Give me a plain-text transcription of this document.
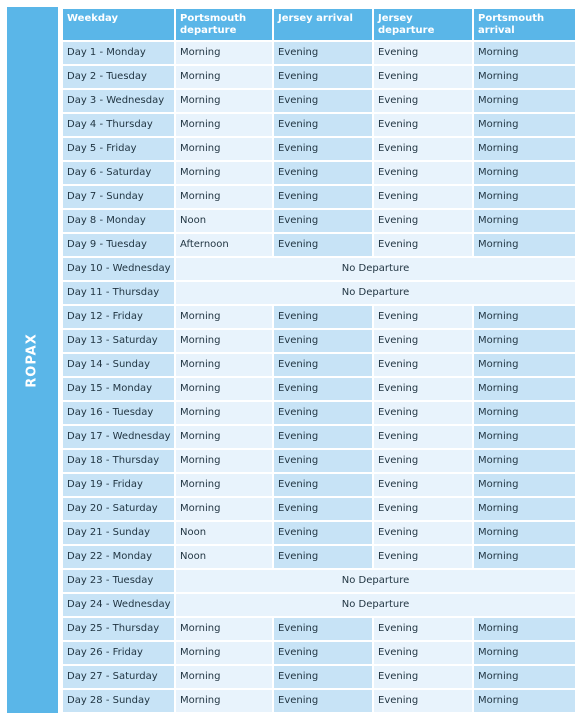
ROPAX
Weekday	Portsmouth departure	Jersey arrival	Jersey departure	Portsmouth arrival
Day 1 - Monday	Morning	Evening	Evening	Morning
Day 2 - Tuesday	Morning	Evening	Evening	Morning
Day 3 - Wednesday	Morning	Evening	Evening	Morning
Day 4 - Thursday	Morning	Evening	Evening	Morning
Day 5 - Friday	Morning	Evening	Evening	Morning
Day 6 - Saturday	Morning	Evening	Evening	Morning
Day 7 - Sunday	Morning	Evening	Evening	Morning
Day 8 - Monday	Noon	Evening	Evening	Morning
Day 9 - Tuesday	Afternoon	Evening	Evening	Morning
Day 10 - Wednesday	No Departure			
Day 11 - Thursday	No Departure			
Day 12 - Friday	Morning	Evening	Evening	Morning
Day 13 - Saturday	Morning	Evening	Evening	Morning
Day 14 - Sunday	Morning	Evening	Evening	Morning
Day 15 - Monday	Morning	Evening	Evening	Morning
Day 16 - Tuesday	Morning	Evening	Evening	Morning
Day 17 - Wednesday	Morning	Evening	Evening	Morning
Day 18 - Thursday	Morning	Evening	Evening	Morning
Day 19 - Friday	Morning	Evening	Evening	Morning
Day 20 - Saturday	Morning	Evening	Evening	Morning
Day 21 - Sunday	Noon	Evening	Evening	Morning
Day 22 - Monday	Noon	Evening	Evening	Morning
Day 23 - Tuesday	No Departure			
Day 24 - Wednesday	No Departure			
Day 25 - Thursday	Morning	Evening	Evening	Morning
Day 26 - Friday	Morning	Evening	Evening	Morning
Day 27 - Saturday	Morning	Evening	Evening	Morning
Day 28 - Sunday	Morning	Evening	Evening	Morning
